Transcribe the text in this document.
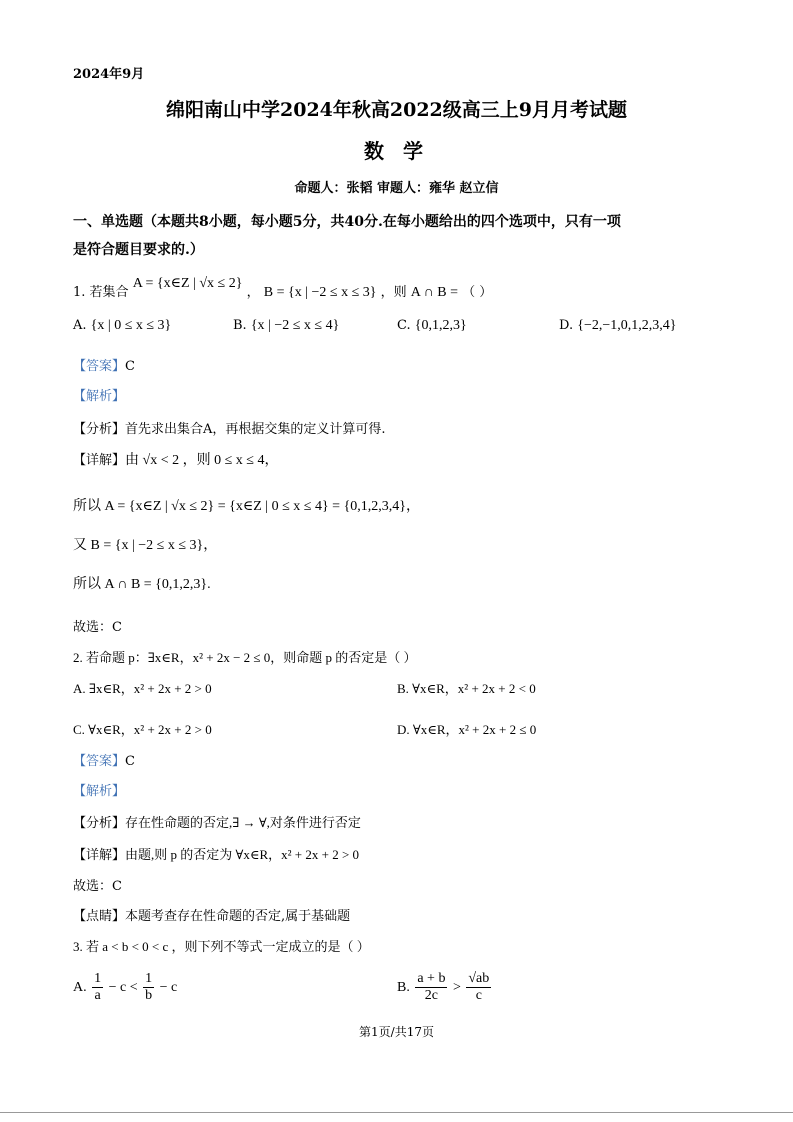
2024年9月
绵阳南山中学2024年秋高2022级高三上9月月考试题
数 学
命题人：张韬 审题人：雍华 赵立信
一、单选题（本题共8小题，每小题5分，共40分.在每小题给出的四个选项中，只有一项
是符合题目要求的.）
1. 若集合 A = {x∈Z | √x ≤ 2} ， B = {x | −2 ≤ x ≤ 3} ，则 A ∩ B = （ ）
A. {x | 0 ≤ x ≤ 3}	B. {x | −2 ≤ x ≤ 4}	C. {0,1,2,3}	D. {−2,−1,0,1,2,3,4}
【答案】C
【解析】
【分析】首先求出集合A，再根据交集的定义计算可得.
【详解】由 √x < 2 ，则 0 ≤ x ≤ 4，
所以 A = {x∈Z | √x ≤ 2} = {x∈Z | 0 ≤ x ≤ 4} = {0,1,2,3,4}，
又 B = {x | −2 ≤ x ≤ 3}，
所以 A ∩ B = {0,1,2,3}.
故选：C
2. 若命题 p：∃x∈R，x² + 2x − 2 ≤ 0，则命题 p 的否定是（ ）
A. ∃x∈R，x² + 2x + 2 > 0	B. ∀x∈R，x² + 2x + 2 < 0
C. ∀x∈R，x² + 2x + 2 > 0	D. ∀x∈R，x² + 2x + 2 ≤ 0
【答案】C
【解析】
【分析】存在性命题的否定,∃ → ∀,对条件进行否定
【详解】由题,则 p 的否定为 ∀x∈R，x² + 2x + 2 > 0
故选：C
【点睛】本题考查存在性命题的否定,属于基础题
3. 若 a < b < 0 < c ，则下列不等式一定成立的是（ ）
A. $\frac{1}{a} - c < \frac{1}{b} - c$	B. $\frac{a + b}{2c} > \frac{√ab}{c}$
第1页/共17页
